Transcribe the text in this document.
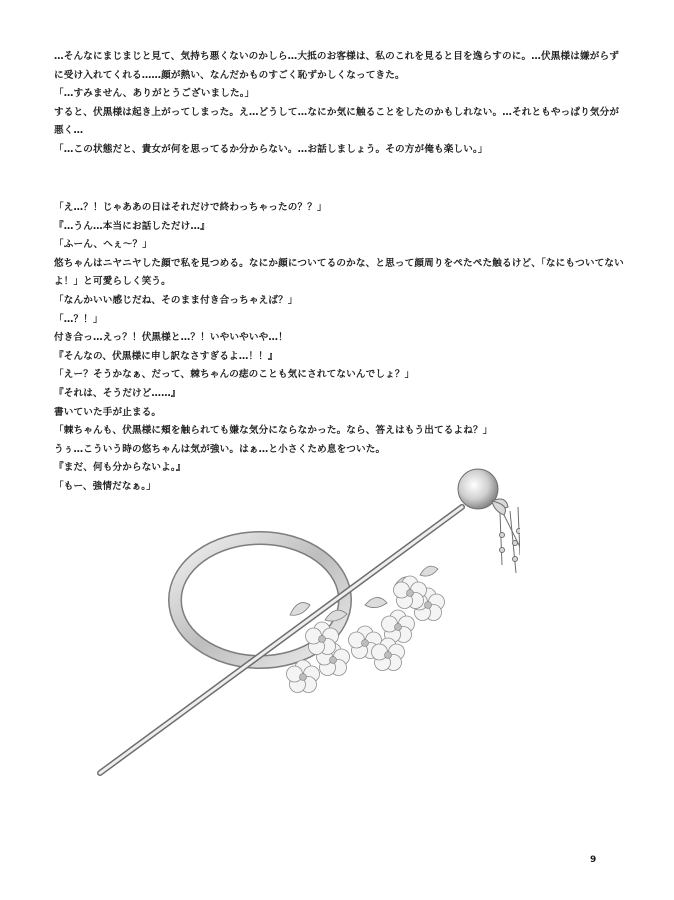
…そんなにまじまじと見て、気持ち悪くないのかしら…大抵のお客様は、私のこれを見ると目を逸らすのに。…伏黒様は嫌がらずに受け入れてくれる……顔が熱い、なんだかものすごく恥ずかしくなってきた。
「…すみません、ありがとうございました。」
すると、伏黒様は起き上がってしまった。え…どうして…なにか気に触ることをしたのかもしれない。…それともやっぱり気分が悪く…
「…この状態だと、貴女が何を思ってるか分からない。…お話しましょう。その方が俺も楽しい。」
「え…？！じゃああの日はそれだけで終わっちゃったの？？」
『…うん…本当にお話しただけ…』
「ふーん、へぇ～？」
悠ちゃんはニヤニヤした顔で私を見つめる。なにか顔についてるのかな、と思って顔周りをぺたぺた触るけど、「なにもついてないよ！」と可愛らしく笑う。
「なんかいい感じだね、そのまま付き合っちゃえば？」
「…？！」
付き合っ…えっ？！伏黒様と…？！いやいやいや…！
『そんなの、伏黒様に申し訳なさすぎるよ…！！』
「えー？そうかなぁ、だって、棘ちゃんの痣のことも気にされてないんでしょ？」
『それは、そうだけど……』
書いていた手が止まる。
「棘ちゃんも、伏黒様に頬を触られても嫌な気分にならなかった。なら、答えはもう出てるよね？」
うぅ…こういう時の悠ちゃんは気が強い。はぁ…と小さくため息をついた。
『まだ、何も分からないよ。』
「もー、強情だなぁ。」
9
